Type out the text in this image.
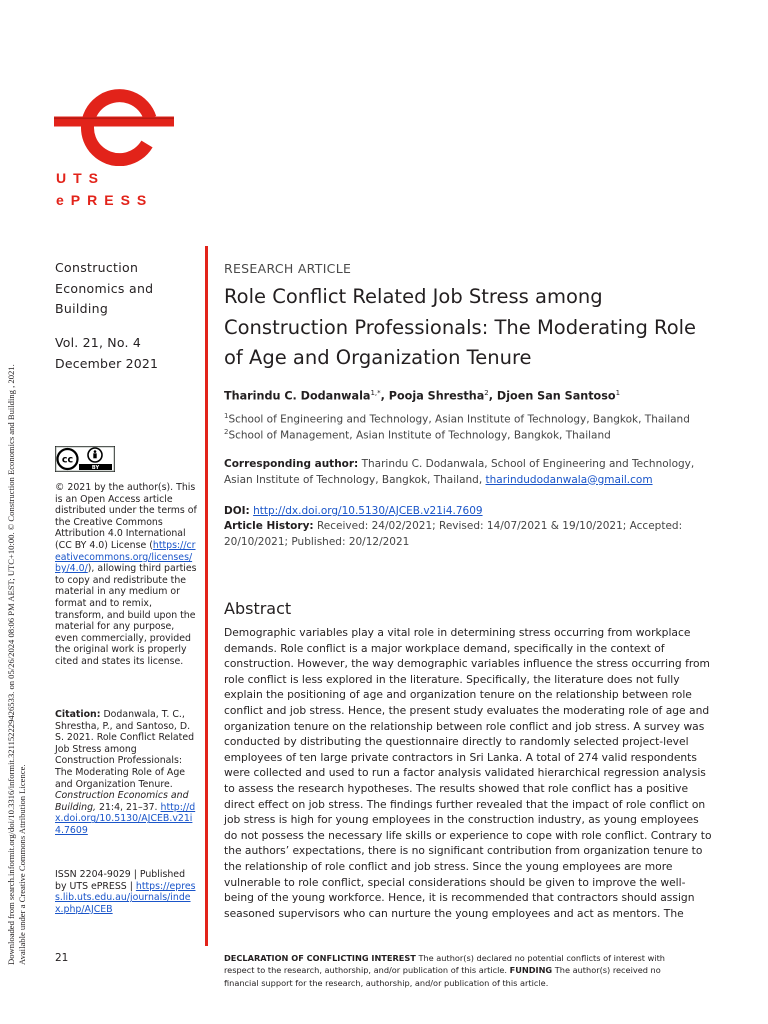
Downloaded from search.informit.org/doi/10.3316/informit.321152229426533. on 05/26/2024 08:06 PM AEST; UTC+10:00. © Construction Economics and Building , 2021. Available under a Creative Commons Attribution Licence.
UTS
ePRESS
Construction Economics and Building
Vol. 21, No. 4
December 2021
cc
BY
© 2021 by the author(s). This is an Open Access article distributed under the terms of the Creative Commons Attribution 4.0 International (CC BY 4.0) License (https://creativecommons.org/licenses/by/4.0/), allowing third parties to copy and redistribute the material in any medium or format and to remix, transform, and build upon the material for any purpose, even commercially, provided the original work is properly cited and states its license.
Citation: Dodanwala, T. C., Shrestha, P., and Santoso, D. S. 2021. Role Conflict Related Job Stress among Construction Professionals: The Moderating Role of Age and Organization Tenure. Construction Economics and Building, 21:4, 21–37. http://dx.doi.org/10.5130/AJCEB.v21i4.7609
ISSN 2204-9029 | Published by UTS ePRESS | https://epress.lib.uts.edu.au/journals/index.php/AJCEB
21
RESEARCH ARTICLE
Role Conflict Related Job Stress among Construction Professionals: The Moderating Role of Age and Organization Tenure
Tharindu C. Dodanwala$^{1,*}$, Pooja Shrestha$^2$, Djoen San Santoso$^1$
$^1$School of Engineering and Technology, Asian Institute of Technology, Bangkok, Thailand
$^2$School of Management, Asian Institute of Technology, Bangkok, Thailand
Corresponding author: Tharindu C. Dodanwala, School of Engineering and Technology, Asian Institute of Technology, Bangkok, Thailand, tharindudodanwala@gmail.com
DOI: http://dx.doi.org/10.5130/AJCEB.v21i4.7609
Article History: Received: 24/02/2021; Revised: 14/07/2021 & 19/10/2021; Accepted: 20/10/2021; Published: 20/12/2021
Abstract
Demographic variables play a vital role in determining stress occurring from workplace demands. Role conflict is a major workplace demand, specifically in the context of construction. However, the way demographic variables influence the stress occurring from role conflict is less explored in the literature. Specifically, the literature does not fully explain the positioning of age and organization tenure on the relationship between role conflict and job stress. Hence, the present study evaluates the moderating role of age and organization tenure on the relationship between role conflict and job stress. A survey was conducted by distributing the questionnaire directly to randomly selected project-level employees of ten large private contractors in Sri Lanka. A total of 274 valid respondents were collected and used to run a factor analysis validated hierarchical regression analysis to assess the research hypotheses. The results showed that role conflict has a positive direct effect on job stress. The findings further revealed that the impact of role conflict on job stress is high for young employees in the construction industry, as young employees do not possess the necessary life skills or experience to cope with role conflict. Contrary to the authors’ expectations, there is no significant contribution from organization tenure to the relationship of role conflict and job stress. Since the young employees are more vulnerable to role conflict, special considerations should be given to improve the well-being of the young workforce. Hence, it is recommended that contractors should assign seasoned supervisors who can nurture the young employees and act as mentors. The
DECLARATION OF CONFLICTING INTEREST The author(s) declared no potential conflicts of interest with respect to the research, authorship, and/or publication of this article. FUNDING The author(s) received no financial support for the research, authorship, and/or publication of this article.
